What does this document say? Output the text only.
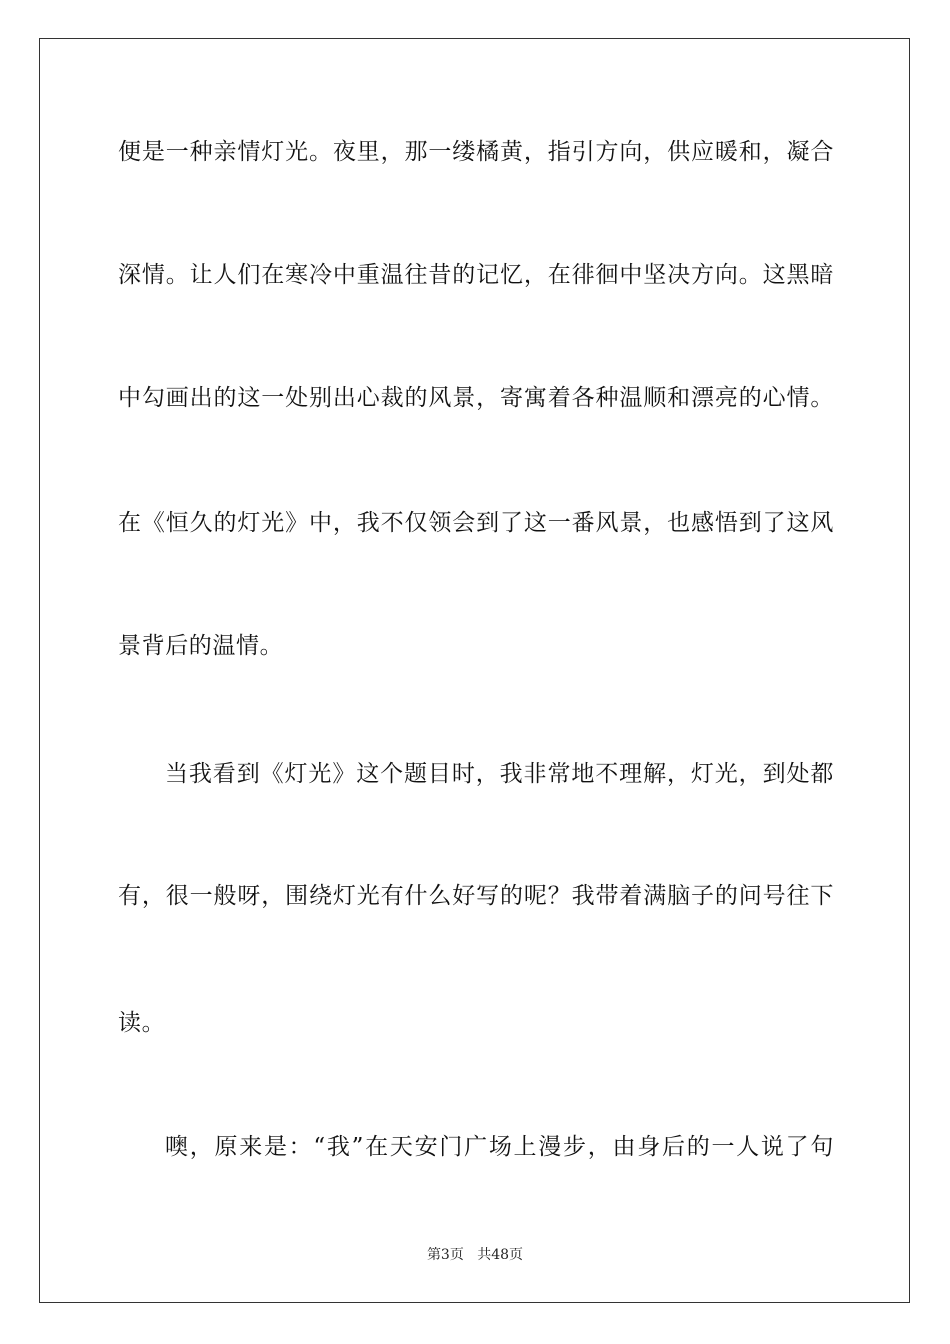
便是一种亲情灯光。夜里，那一缕橘黄，指引方向，供应暖和，凝合
深情。让人们在寒冷中重温往昔的记忆，在徘徊中坚决方向。这黑暗
中勾画出的这一处别出心裁的风景，寄寓着各种温顺和漂亮的心情。
在《恒久的灯光》中，我不仅领会到了这一番风景，也感悟到了这风
景背后的温情。
当我看到《灯光》这个题目时，我非常地不理解，灯光，到处都
有，很一般呀，围绕灯光有什么好写的呢？我带着满脑子的问号往下
读。
噢，原来是：“我”在天安门广场上漫步，由身后的一人说了句
第3页 共48页
